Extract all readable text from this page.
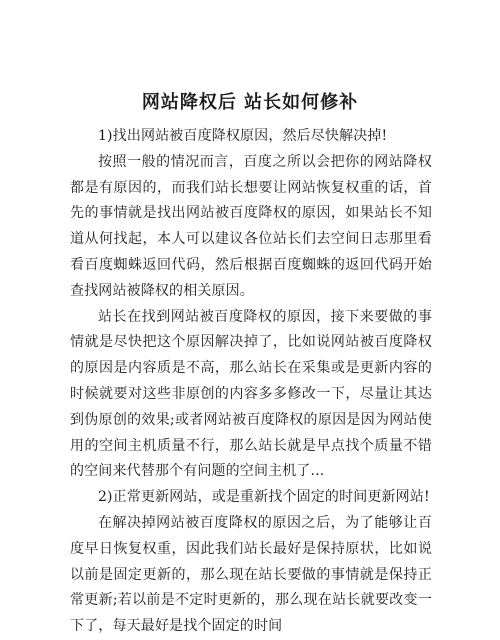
网站降权后 站长如何修补

1)找出网站被百度降权原因，然后尽快解决掉!

按照一般的情况而言，百度之所以会把你的网站降权都是有原因的，而我们站长想要让网站恢复权重的话，首先的事情就是找出网站被百度降权的原因，如果站长不知道从何找起，本人可以建议各位站长们去空间日志那里看看百度蜘蛛返回代码，然后根据百度蜘蛛的返回代码开始查找网站被降权的相关原因。

站长在找到网站被百度降权的原因，接下来要做的事情就是尽快把这个原因解决掉了，比如说网站被百度降权的原因是内容质是不高，那么站长在采集或是更新内容的时候就要对这些非原创的内容多多修改一下，尽量让其达到伪原创的效果;或者网站被百度降权的原因是因为网站使用的空间主机质量不行，那么站长就是早点找个质量不错的空间来代替那个有问题的空间主机了...

2)正常更新网站，或是重新找个固定的时间更新网站!

在解决掉网站被百度降权的原因之后，为了能够让百度早日恢复权重，因此我们站长最好是保持原状，比如说以前是固定更新的，那么现在站长要做的事情就是保持正常更新;若以前是不定时更新的，那么现在站长就要改变一下了，每天最好是找个固定的时间
